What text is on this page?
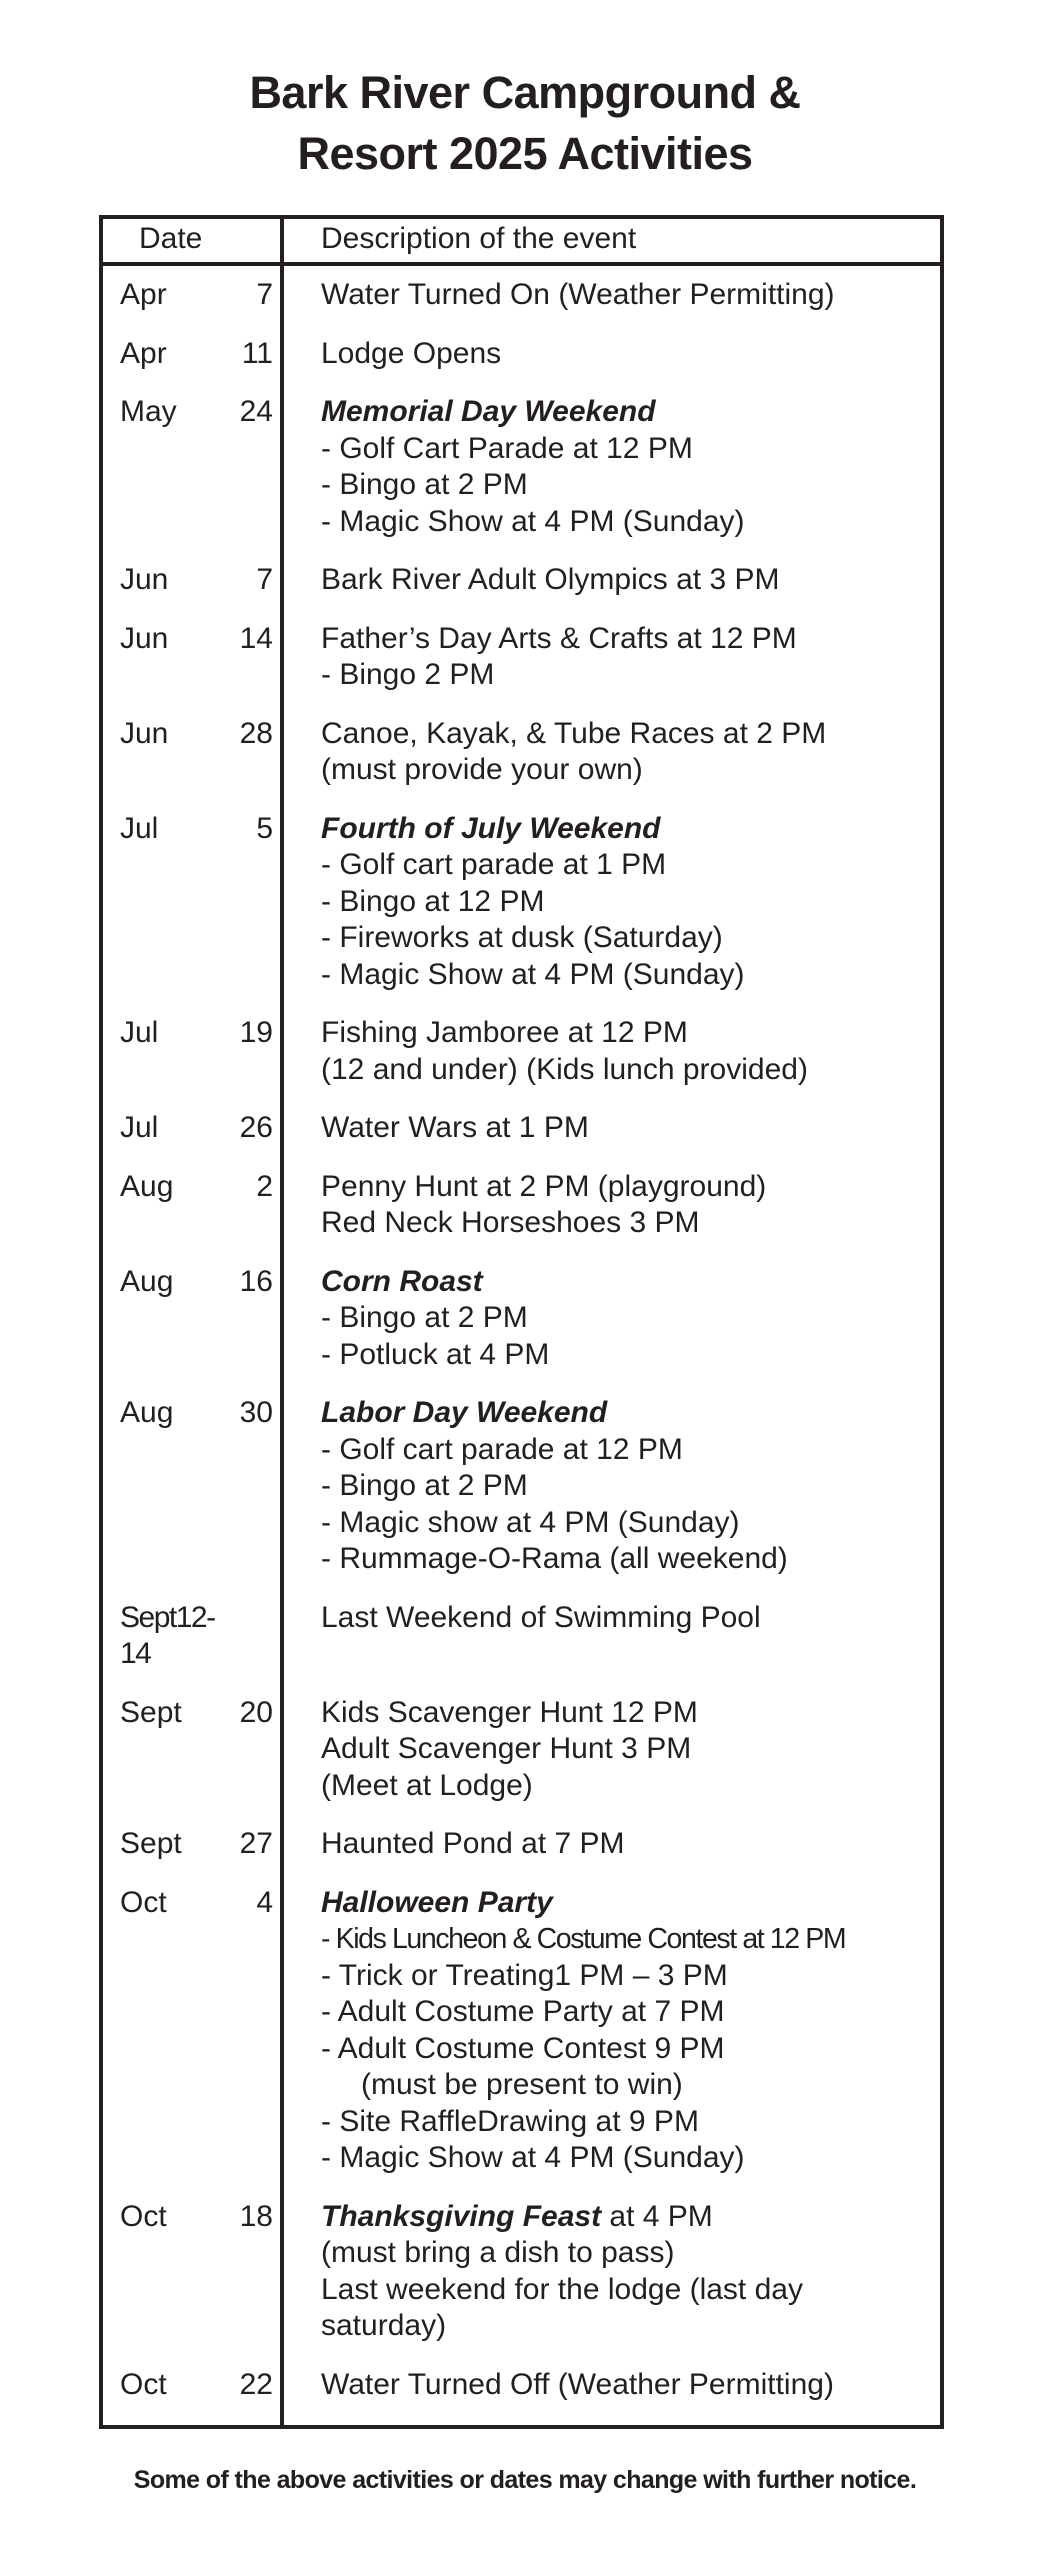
Bark River Campground &
Resort 2025 Activities
Date	Description of the event
Apr	7 Water Turned On (Weather Permitting)
Apr	11 Lodge Opens
May	24 Memorial Day Weekend
- Golf Cart Parade at 12 PM
- Bingo at 2 PM
- Magic Show at 4 PM (Sunday)
Jun	7 Bark River Adult Olympics at 3 PM
Jun	14 Father’s Day Arts & Crafts at 12 PM
- Bingo 2 PM
Jun	28 Canoe, Kayak, & Tube Races at 2 PM
(must provide your own)
Jul	5 Fourth of July Weekend
- Golf cart parade at 1 PM
- Bingo at 12 PM
- Fireworks at dusk (Saturday)
- Magic Show at 4 PM (Sunday)
Jul	19 Fishing Jamboree at 12 PM
(12 and under) (Kids lunch provided)
Jul	26 Water Wars at 1 PM
Aug	2 Penny Hunt at 2 PM (playground)
Red Neck Horseshoes 3 PM
Aug	16 Corn Roast
- Bingo at 2 PM
- Potluck at 4 PM
Aug	30 Labor Day Weekend
- Golf cart parade at 12 PM
- Bingo at 2 PM
- Magic show at 4 PM (Sunday)
- Rummage-O-Rama (all weekend)
Sept12-14
Last Weekend of Swimming Pool
Sept	20 Kids Scavenger Hunt 12 PM
Adult Scavenger Hunt 3 PM
(Meet at Lodge)
Sept	27 Haunted Pond at 7 PM
Oct	4 Halloween Party
- Kids Luncheon & Costume Contest at 12 PM
- Trick or Treating1 PM – 3 PM
- Adult Costume Party at 7 PM
- Adult Costume Contest 9 PM
(must be present to win)
- Site RaffleDrawing at 9 PM
- Magic Show at 4 PM (Sunday)
Oct	18 Thanksgiving Feast at 4 PM
(must bring a dish to pass)
Last weekend for the lodge (last day
saturday)
Oct	22 Water Turned Off (Weather Permitting)
Some of the above activities or dates may change with further notice.
